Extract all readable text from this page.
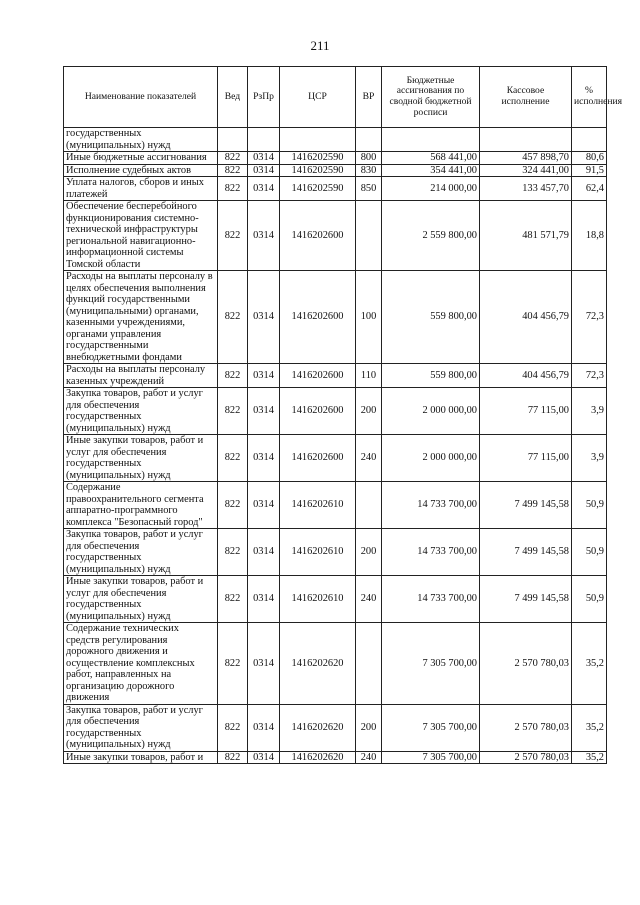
211
Наименование показателей	Вед	РзПр	ЦСР	ВР	Бюджетные ассигнования по сводной бюджетной росписи	Кассовое исполнение	% исполнения
государственных (муниципальных) нужд							
Иные бюджетные ассигнования	822	0314	1416202590	800	568 441,00	457 898,70	80,6
Исполнение судебных актов	822	0314	1416202590	830	354 441,00	324 441,00	91,5
Уплата налогов, сборов и иных платежей	822	0314	1416202590	850	214 000,00	133 457,70	62,4
Обеспечение бесперебойного функционирования системно-технической инфраструктуры региональной навигационно-информационной системы Томской области	822	0314	1416202600		2 559 800,00	481 571,79	18,8
Расходы на выплаты персоналу в целях обеспечения выполнения функций государственными (муниципальными) органами, казенными учреждениями, органами управления государственными внебюджетными фондами	822	0314	1416202600	100	559 800,00	404 456,79	72,3
Расходы на выплаты персоналу казенных учреждений	822	0314	1416202600	110	559 800,00	404 456,79	72,3
Закупка товаров, работ и услуг для обеспечения государственных (муниципальных) нужд	822	0314	1416202600	200	2 000 000,00	77 115,00	3,9
Иные закупки товаров, работ и услуг для обеспечения государственных (муниципальных) нужд	822	0314	1416202600	240	2 000 000,00	77 115,00	3,9
Содержание правоохранительного сегмента аппаратно-программного комплекса "Безопасный город"	822	0314	1416202610		14 733 700,00	7 499 145,58	50,9
Закупка товаров, работ и услуг для обеспечения государственных (муниципальных) нужд	822	0314	1416202610	200	14 733 700,00	7 499 145,58	50,9
Иные закупки товаров, работ и услуг для обеспечения государственных (муниципальных) нужд	822	0314	1416202610	240	14 733 700,00	7 499 145,58	50,9
Содержание технических средств регулирования дорожного движения и осуществление комплексных работ, направленных на организацию дорожного движения	822	0314	1416202620		7 305 700,00	2 570 780,03	35,2
Закупка товаров, работ и услуг для обеспечения государственных (муниципальных) нужд	822	0314	1416202620	200	7 305 700,00	2 570 780,03	35,2
Иные закупки товаров, работ и	822	0314	1416202620	240	7 305 700,00	2 570 780,03	35,2
